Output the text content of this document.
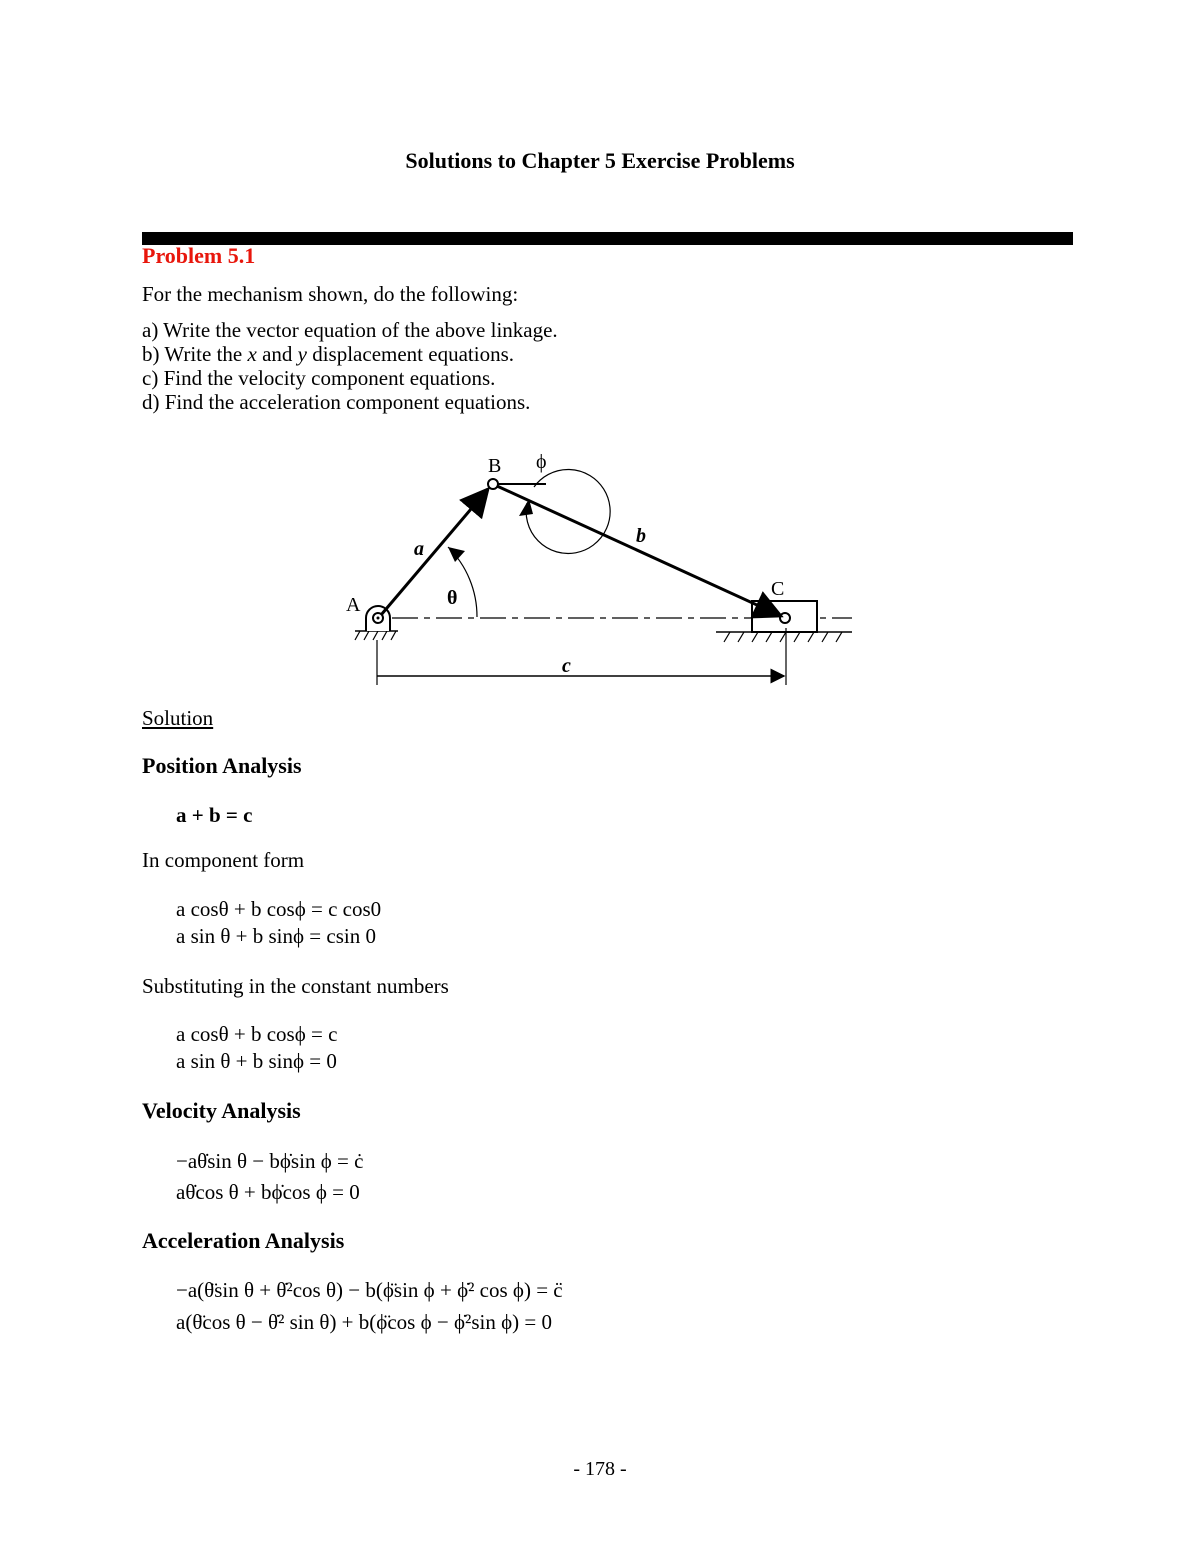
Solutions to Chapter 5 Exercise Problems
Problem 5.1
For the mechanism shown, do the following:
a) Write the vector equation of the above linkage.
b) Write the x and y displacement equations.
c) Find the velocity component equations.
d) Find the acceleration component equations.
A
B
C
a
b
c
θ
ϕ
Solution
Position Analysis
a + b = c
In component form
a cosθ + b cosϕ = c cos0
a sin θ + b sinϕ = csin 0
Substituting in the constant numbers
a cosθ + b cosϕ = c
a sin θ + b sinϕ = 0
Velocity Analysis
−aθ̇sin θ − bϕ̇sin ϕ = ċ
aθ̇cos θ + bϕ̇cos ϕ = 0
Acceleration Analysis
−a(θ̈sin θ + θ̇²cos θ) − b(ϕ̈sin ϕ + ϕ̇² cos ϕ) = c̈
a(θ̈cos θ − θ̇² sin θ) + b(ϕ̈cos ϕ − ϕ̇²sin ϕ) = 0
- 178 -
